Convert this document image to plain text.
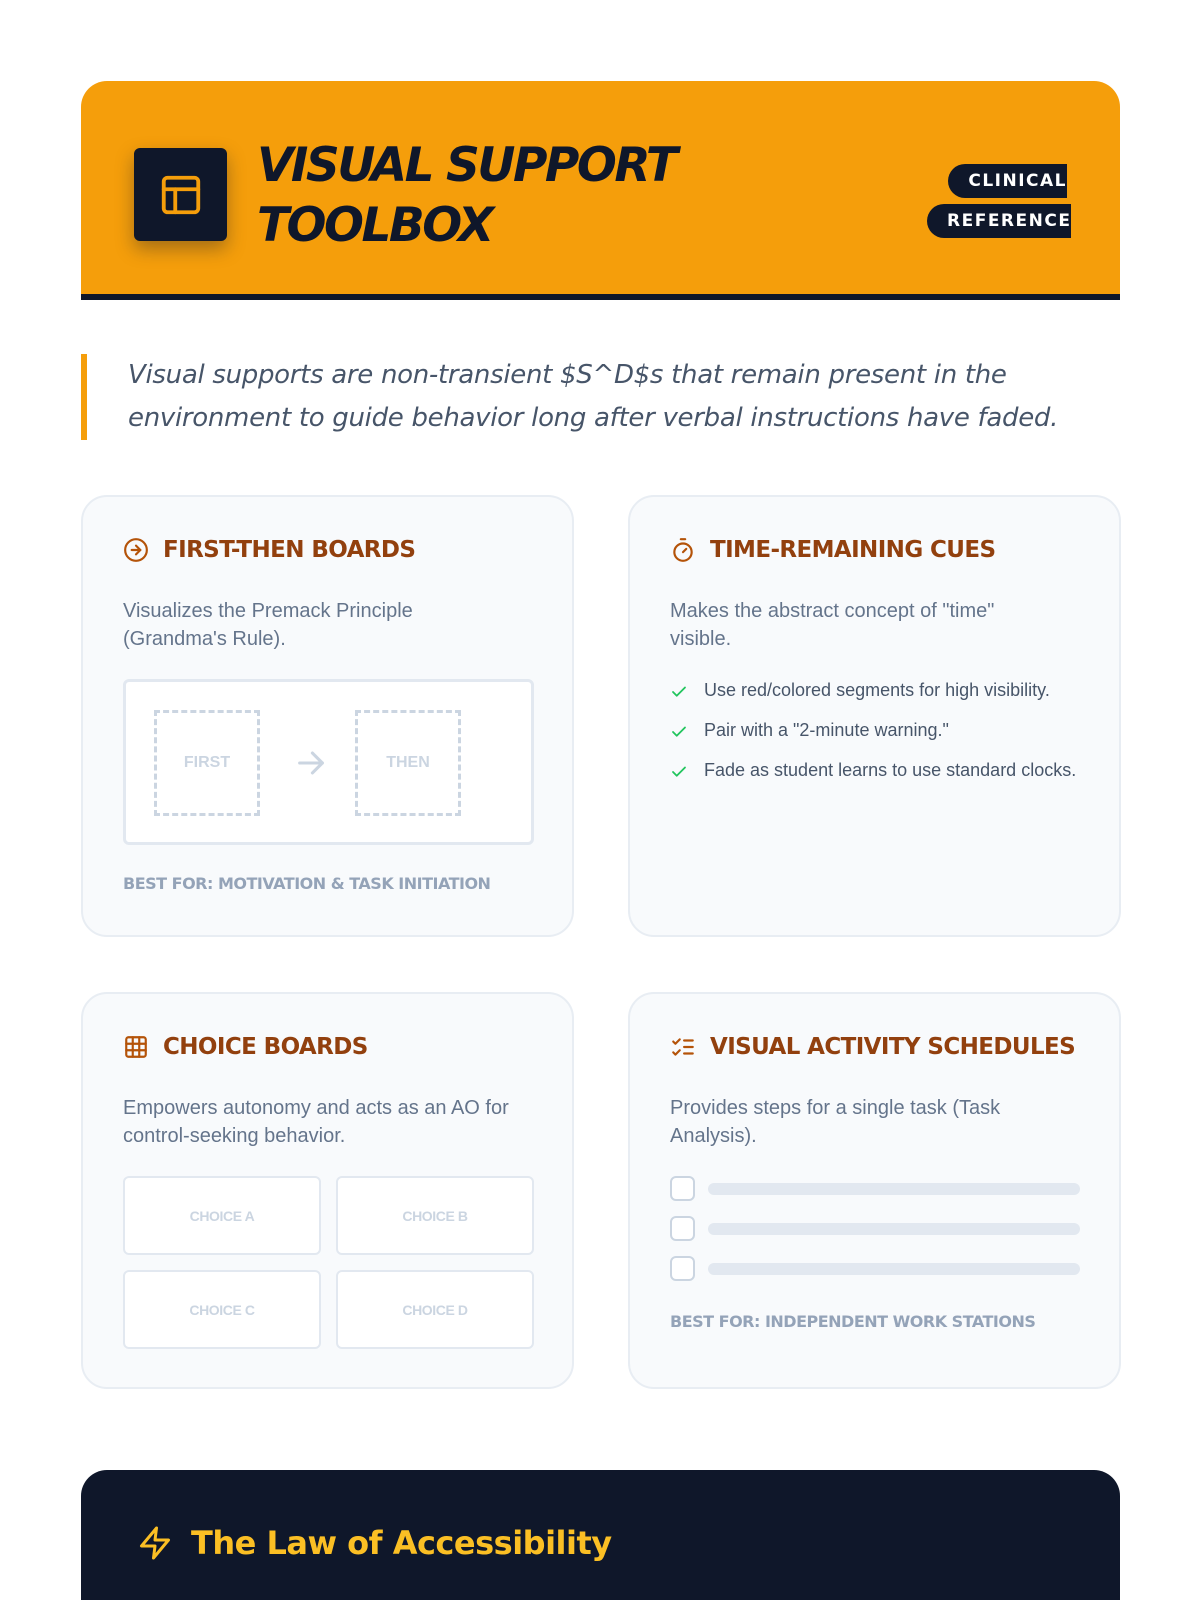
VISUAL SUPPORT TOOLBOX
CLINICAL REFERENCE

Visual supports are non-transient $S^D$s that remain present in the environment to guide behavior long after verbal instructions have faded.

FIRST-THEN BOARDS

Visualizes the Premack Principle (Grandma's Rule).

FIRST	THEN
BEST FOR: MOTIVATION & TASK INITIATION
TIME-REMAINING CUES

Makes the abstract concept of "time" visible.

Use red/colored segments for high visibility.
Pair with a "2-minute warning."
Fade as student learns to use standard clocks.
CHOICE BOARDS

Empowers autonomy and acts as an AO for control-seeking behavior.

CHOICE A	CHOICE B
CHOICE C	CHOICE D
VISUAL ACTIVITY SCHEDULES

Provides steps for a single task (Task Analysis).

BEST FOR: INDEPENDENT WORK STATIONS
The Law of Accessibility
